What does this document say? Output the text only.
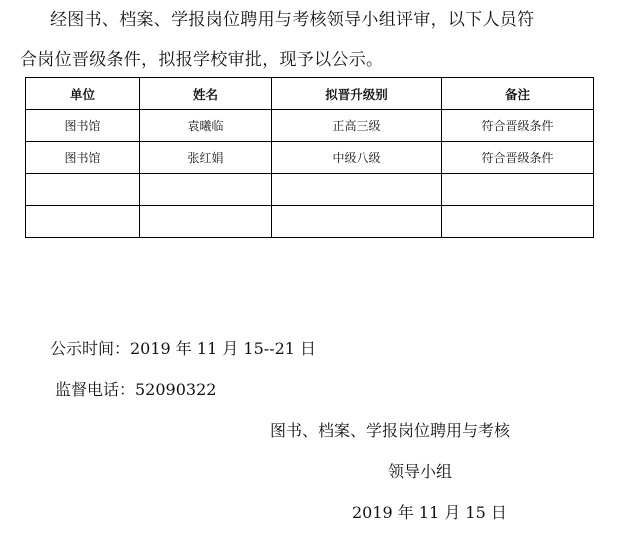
经图书、档案、学报岗位聘用与考核领导小组评审，以下人员符
合岗位晋级条件，拟报学校审批，现予以公示。
单位	姓名	拟晋升级别	备注
图书馆	袁曦临	正高三级	符合晋级条件
图书馆	张红娟	中级八级	符合晋级条件

公示时间：2019 年 11 月 15--21 日
监督电话：52090322
图书、档案、学报岗位聘用与考核
领导小组
2019 年 11 月 15 日
